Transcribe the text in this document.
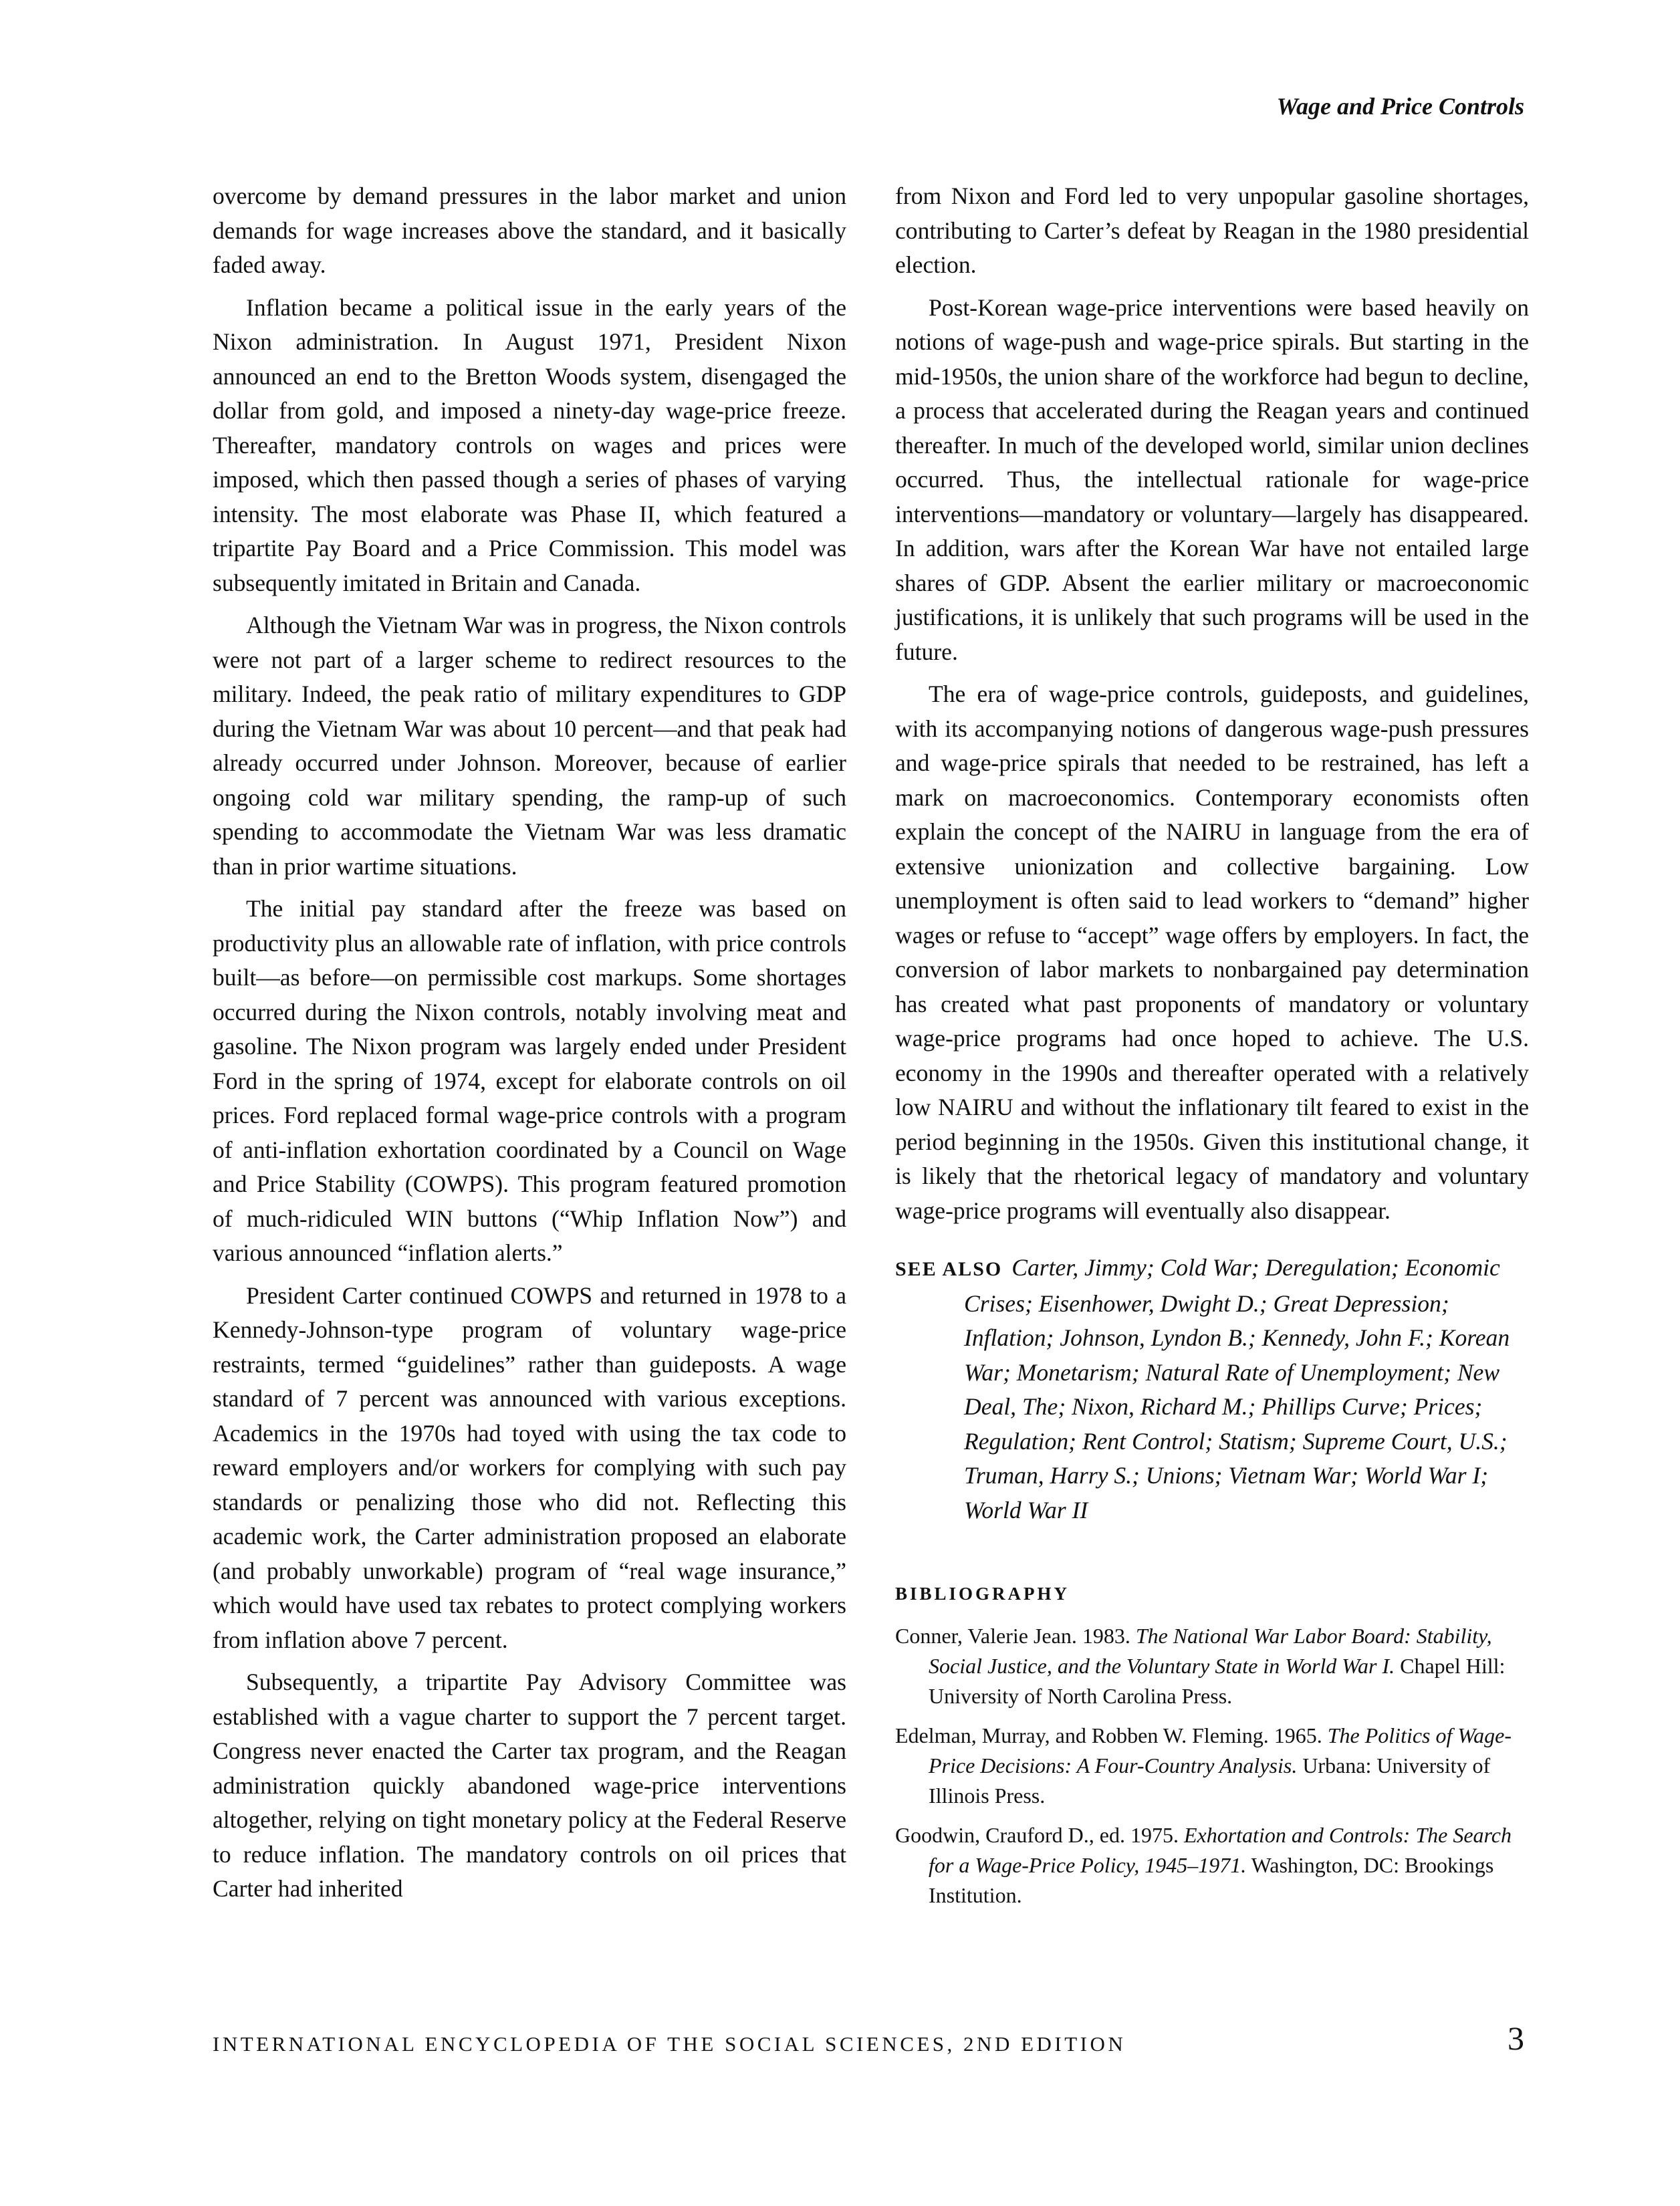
Wage and Price Controls

overcome by demand pressures in the labor market and union demands for wage increases above the standard, and it basically faded away.

Inflation became a political issue in the early years of the Nixon administration. In August 1971, President Nixon announced an end to the Bretton Woods system, disengaged the dollar from gold, and imposed a ninety-day wage-price freeze. Thereafter, mandatory controls on wages and prices were imposed, which then passed though a series of phases of varying intensity. The most elaborate was Phase II, which featured a tripartite Pay Board and a Price Commission. This model was subsequently imitated in Britain and Canada.

Although the Vietnam War was in progress, the Nixon controls were not part of a larger scheme to redirect resources to the military. Indeed, the peak ratio of military expenditures to GDP during the Vietnam War was about 10 percent—and that peak had already occurred under Johnson. Moreover, because of earlier ongoing cold war military spending, the ramp-up of such spending to accommodate the Vietnam War was less dramatic than in prior wartime situations.

The initial pay standard after the freeze was based on productivity plus an allowable rate of inflation, with price controls built—as before—on permissible cost markups. Some shortages occurred during the Nixon controls, notably involving meat and gasoline. The Nixon program was largely ended under President Ford in the spring of 1974, except for elaborate controls on oil prices. Ford replaced formal wage-price controls with a program of anti-inflation exhortation coordinated by a Council on Wage and Price Stability (COWPS). This program featured promotion of much-ridiculed WIN buttons (“Whip Inflation Now”) and various announced “inflation alerts.”

President Carter continued COWPS and returned in 1978 to a Kennedy-Johnson-type program of voluntary wage-price restraints, termed “guidelines” rather than guideposts. A wage standard of 7 percent was announced with various exceptions. Academics in the 1970s had toyed with using the tax code to reward employers and/or workers for complying with such pay standards or penalizing those who did not. Reflecting this academic work, the Carter administration proposed an elaborate (and probably unworkable) program of “real wage insurance,” which would have used tax rebates to protect complying workers from inflation above 7 percent.

Subsequently, a tripartite Pay Advisory Committee was established with a vague charter to support the 7 percent target. Congress never enacted the Carter tax program, and the Reagan administration quickly abandoned wage-price interventions altogether, relying on tight monetary policy at the Federal Reserve to reduce inflation. The mandatory controls on oil prices that Carter had inherited

from Nixon and Ford led to very unpopular gasoline shortages, contributing to Carter’s defeat by Reagan in the 1980 presidential election.

Post-Korean wage-price interventions were based heavily on notions of wage-push and wage-price spirals. But starting in the mid-1950s, the union share of the workforce had begun to decline, a process that accelerated during the Reagan years and continued thereafter. In much of the developed world, similar union declines occurred. Thus, the intellectual rationale for wage-price interventions—mandatory or voluntary—largely has disappeared. In addition, wars after the Korean War have not entailed large shares of GDP. Absent the earlier military or macroeconomic justifications, it is unlikely that such programs will be used in the future.

The era of wage-price controls, guideposts, and guidelines, with its accompanying notions of dangerous wage-push pressures and wage-price spirals that needed to be restrained, has left a mark on macroeconomics. Contemporary economists often explain the concept of the NAIRU in language from the era of extensive unionization and collective bargaining. Low unemployment is often said to lead workers to “demand” higher wages or refuse to “accept” wage offers by employers. In fact, the conversion of labor markets to nonbargained pay determination has created what past proponents of mandatory or voluntary wage-price programs had once hoped to achieve. The U.S. economy in the 1990s and thereafter operated with a relatively low NAIRU and without the inflationary tilt feared to exist in the period beginning in the 1950s. Given this institutional change, it is likely that the rhetorical legacy of mandatory and voluntary wage-price programs will eventually also disappear.

SEE ALSO Carter, Jimmy; Cold War; Deregulation; Economic Crises; Eisenhower, Dwight D.; Great Depression; Inflation; Johnson, Lyndon B.; Kennedy, John F.; Korean War; Monetarism; Natural Rate of Unemployment; New Deal, The; Nixon, Richard M.; Phillips Curve; Prices; Regulation; Rent Control; Statism; Supreme Court, U.S.; Truman, Harry S.; Unions; Vietnam War; World War I; World War II
BIBLIOGRAPHY
Conner, Valerie Jean. 1983. The National War Labor Board: Stability, Social Justice, and the Voluntary State in World War I. Chapel Hill: University of North Carolina Press.
Edelman, Murray, and Robben W. Fleming. 1965. The Politics of Wage-Price Decisions: A Four-Country Analysis. Urbana: University of Illinois Press.
Goodwin, Crauford D., ed. 1975. Exhortation and Controls: The Search for a Wage-Price Policy, 1945–1971. Washington, DC: Brookings Institution.
INTERNATIONAL ENCYCLOPEDIA OF THE SOCIAL SCIENCES, 2ND EDITION	3
